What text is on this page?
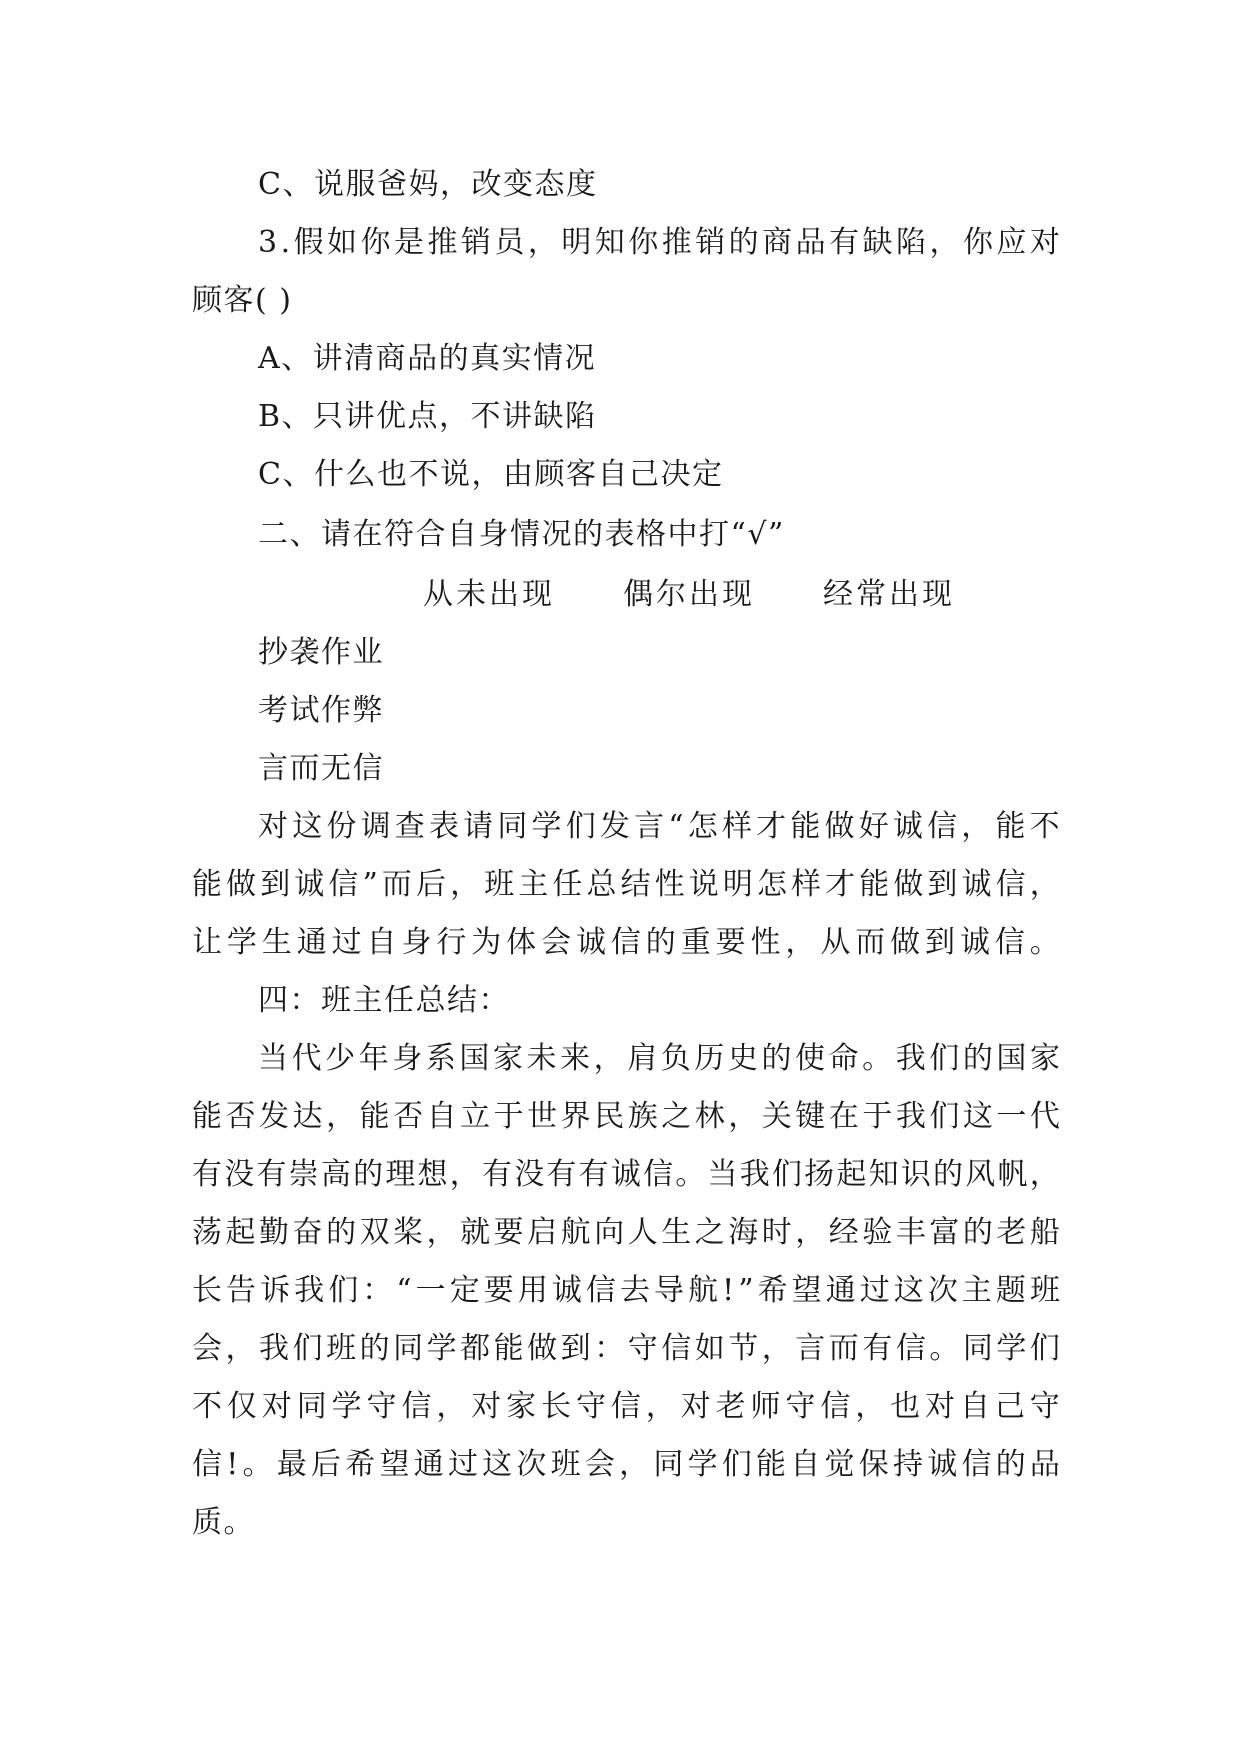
C、说服爸妈，改变态度
3 . 假 如 你 是 推 销 员 ， 明 知 你 推 销 的 商 品 有 缺 陷 ， 你 应 对
顾客( )
A、讲清商品的真实情况
B、只讲优点，不讲缺陷
C、什么也不说，由顾客自己决定
二、请在符合自身情况的表格中打“√”
从未出现 偶尔出现 经常出现
抄袭作业
考试作弊
言而无信
对 这 份 调 查 表 请 同 学 们 发 言 “ 怎 样 才 能 做 好 诚 信 ， 能 不
能 做 到 诚 信 ” 而 后 ， 班 主 任 总 结 性 说 明 怎 样 才 能 做 到 诚 信 ，
让 学 生 通 过 自 身 行 为 体 会 诚 信 的 重 要 性 ， 从 而 做 到 诚 信 。
四：班主任总结：
当 代 少 年 身 系 国 家 未 来 ， 肩 负 历 史 的 使 命 。 我 们 的 国 家
能 否 发 达 ， 能 否 自 立 于 世 界 民 族 之 林 ， 关 键 在 于 我 们 这 一 代
有 没 有 崇 高 的 理 想 ， 有 没 有 有 诚 信 。 当 我 们 扬 起 知 识 的 风 帆 ，
荡 起 勤 奋 的 双 桨 ， 就 要 启 航 向 人 生 之 海 时 ， 经 验 丰 富 的 老 船
长 告 诉 我 们 ： “ 一 定 要 用 诚 信 去 导 航 ! ” 希 望 通 过 这 次 主 题 班
会 ， 我 们 班 的 同 学 都 能 做 到 ： 守 信 如 节 ， 言 而 有 信 。 同 学 们
不 仅 对 同 学 守 信 ， 对 家 长 守 信 ， 对 老 师 守 信 ， 也 对 自 己 守
信 ! 。 最 后 希 望 通 过 这 次 班 会 ， 同 学 们 能 自 觉 保 持 诚 信 的 品
质。
